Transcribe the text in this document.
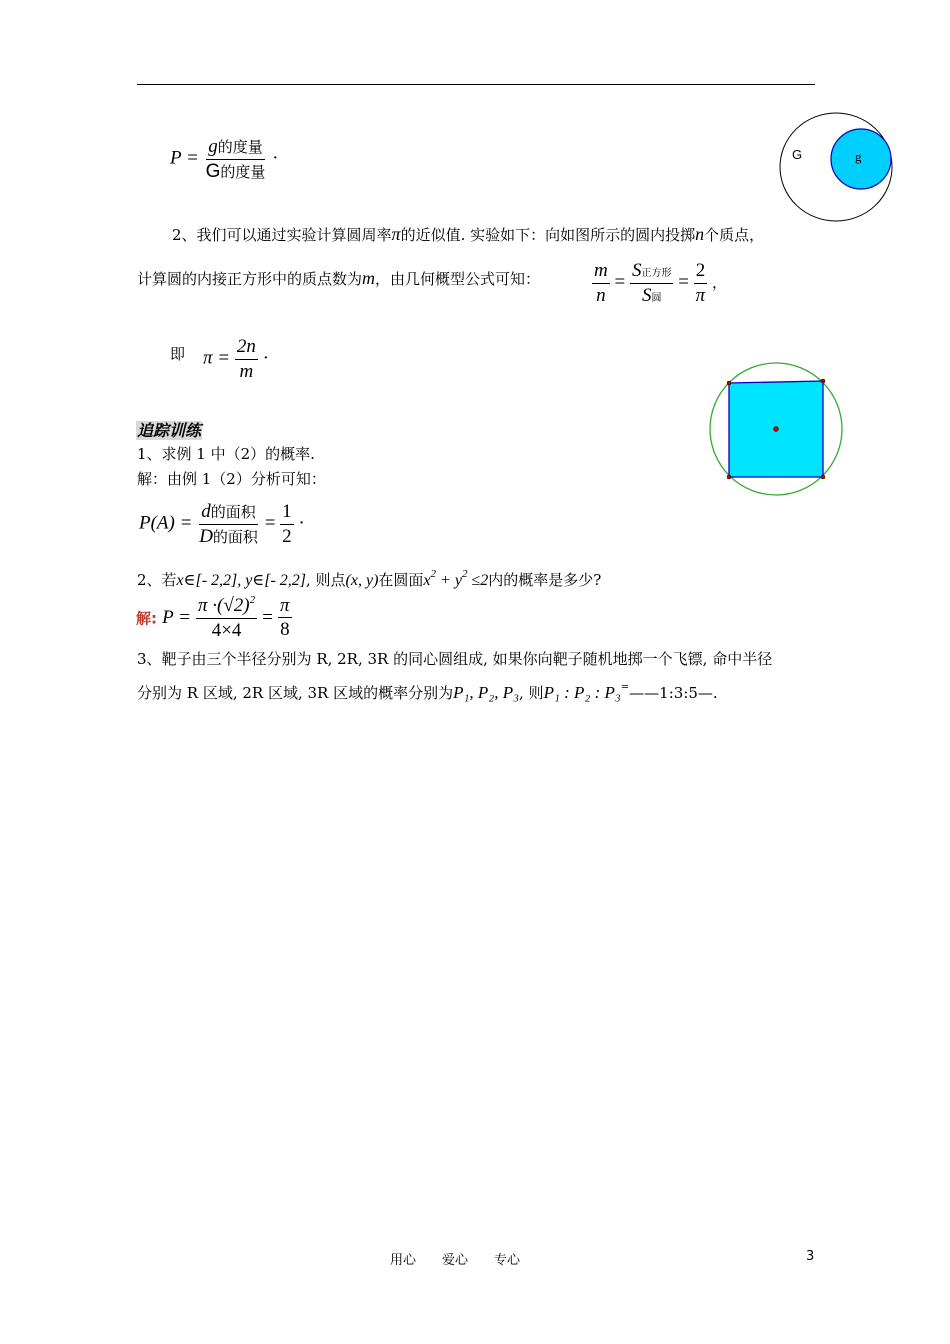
$P = \frac{\text{g的度量}}{\text{G的度量}}$ ·	G	g
2、我们可以通过实验计算圆周率π的近似值. 实验如下：向如图所示的圆内投掷n个质点，
计算圆的内接正方形中的质点数为m，由几何概型公式可知：	$\frac{m}{n} = \frac{\text{S正方形}}{\text{S圆}} = \frac{2}{\pi}$ ，
即 $\pi = \frac{2n}{m}$ ·
追踪训练
1、求例 1 中（2）的概率.
解：由例 1（2）分析可知：
$P(A) = \frac{\text{d的面积}}{\text{D的面积}} = \frac{1}{2}$ ·
2、若x∈[- 2,2], y∈[- 2,2], 则点(x, y)在圆面$x^2 + y^2 \le 2$内的概率是多少?
解: $P = \frac{\pi \cdot(√2)^2}{4\times 4} = \frac{\pi}{8}$
3、靶子由三个半径分别为 R, 2R, 3R 的同心圆组成, 如果你向靶子随机地掷一个飞镖, 命中半径
分别为 R 区域, 2R 区域, 3R 区域的概率分别为P₁, P₂, P₃, 则P₁ : P₂ : P₃=——1:3:5—.
用心　　爱心　　专心	3
